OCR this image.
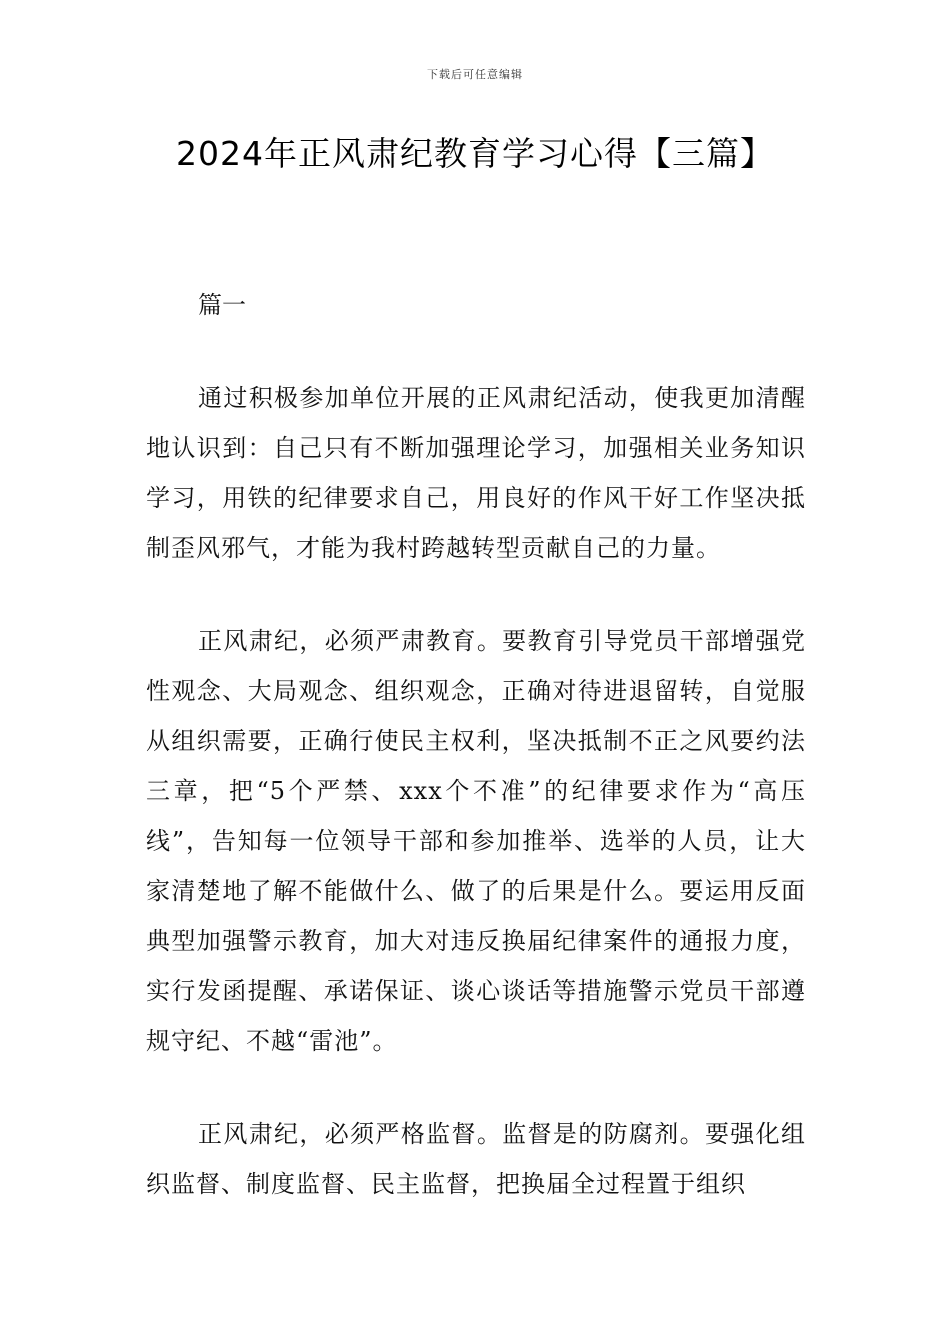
下载后可任意编辑
2024年正风肃纪教育学习心得【三篇】

篇一

通过积极参加单位开展的正风肃纪活动，使我更加清醒地认识到：自己只有不断加强理论学习，加强相关业务知识学习，用铁的纪律要求自己，用良好的作风干好工作坚决抵制歪风邪气，才能为我村跨越转型贡献自己的力量。

正风肃纪，必须严肃教育。要教育引导党员干部增强党性观念、大局观念、组织观念，正确对待进退留转，自觉服从组织需要，正确行使民主权利，坚决抵制不正之风要约法三章，把“5个严禁、xxx个不准”的纪律要求作为“高压线”，告知每一位领导干部和参加推举、选举的人员，让大家清楚地了解不能做什么、做了的后果是什么。要运用反面典型加强警示教育，加大对违反换届纪律案件的通报力度，实行发函提醒、承诺保证、谈心谈话等措施警示党员干部遵规守纪、不越“雷池”。

正风肃纪，必须严格监督。监督是的防腐剂。要强化组织监督、制度监督、民主监督，把换届全过程置于组织
